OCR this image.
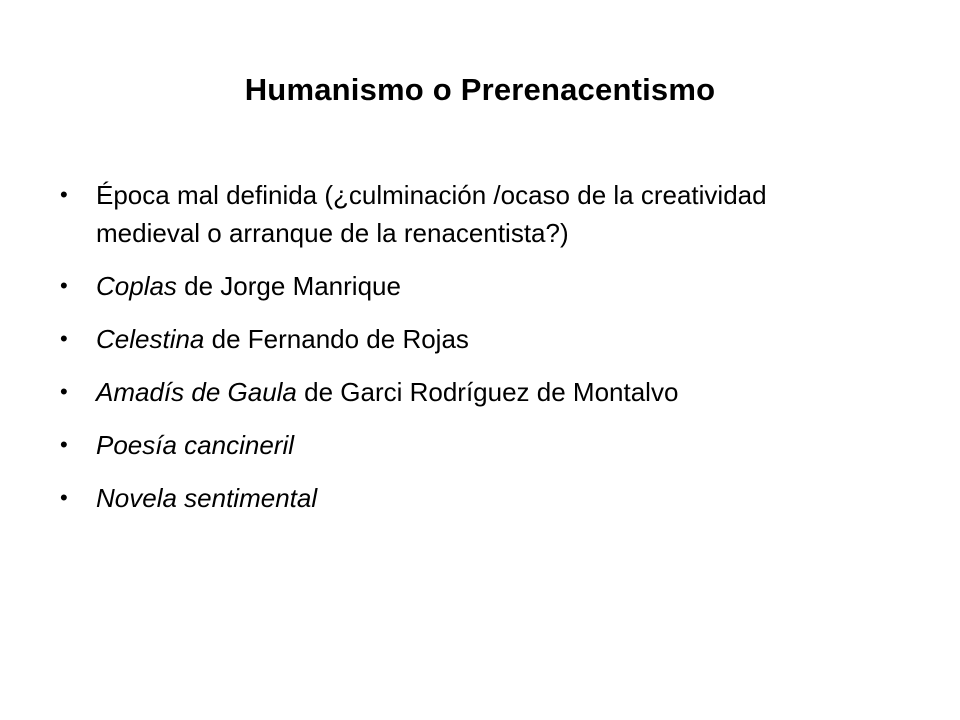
Humanismo o Prerenacentismo
•	Época mal definida (¿culminación /ocaso de la creatividad medieval o arranque de la renacentista?)
•	Coplas de Jorge Manrique
•	Celestina de Fernando de Rojas
•	Amadís de Gaula de Garci Rodríguez de Montalvo
•	Poesía cancineril
•	Novela sentimental
